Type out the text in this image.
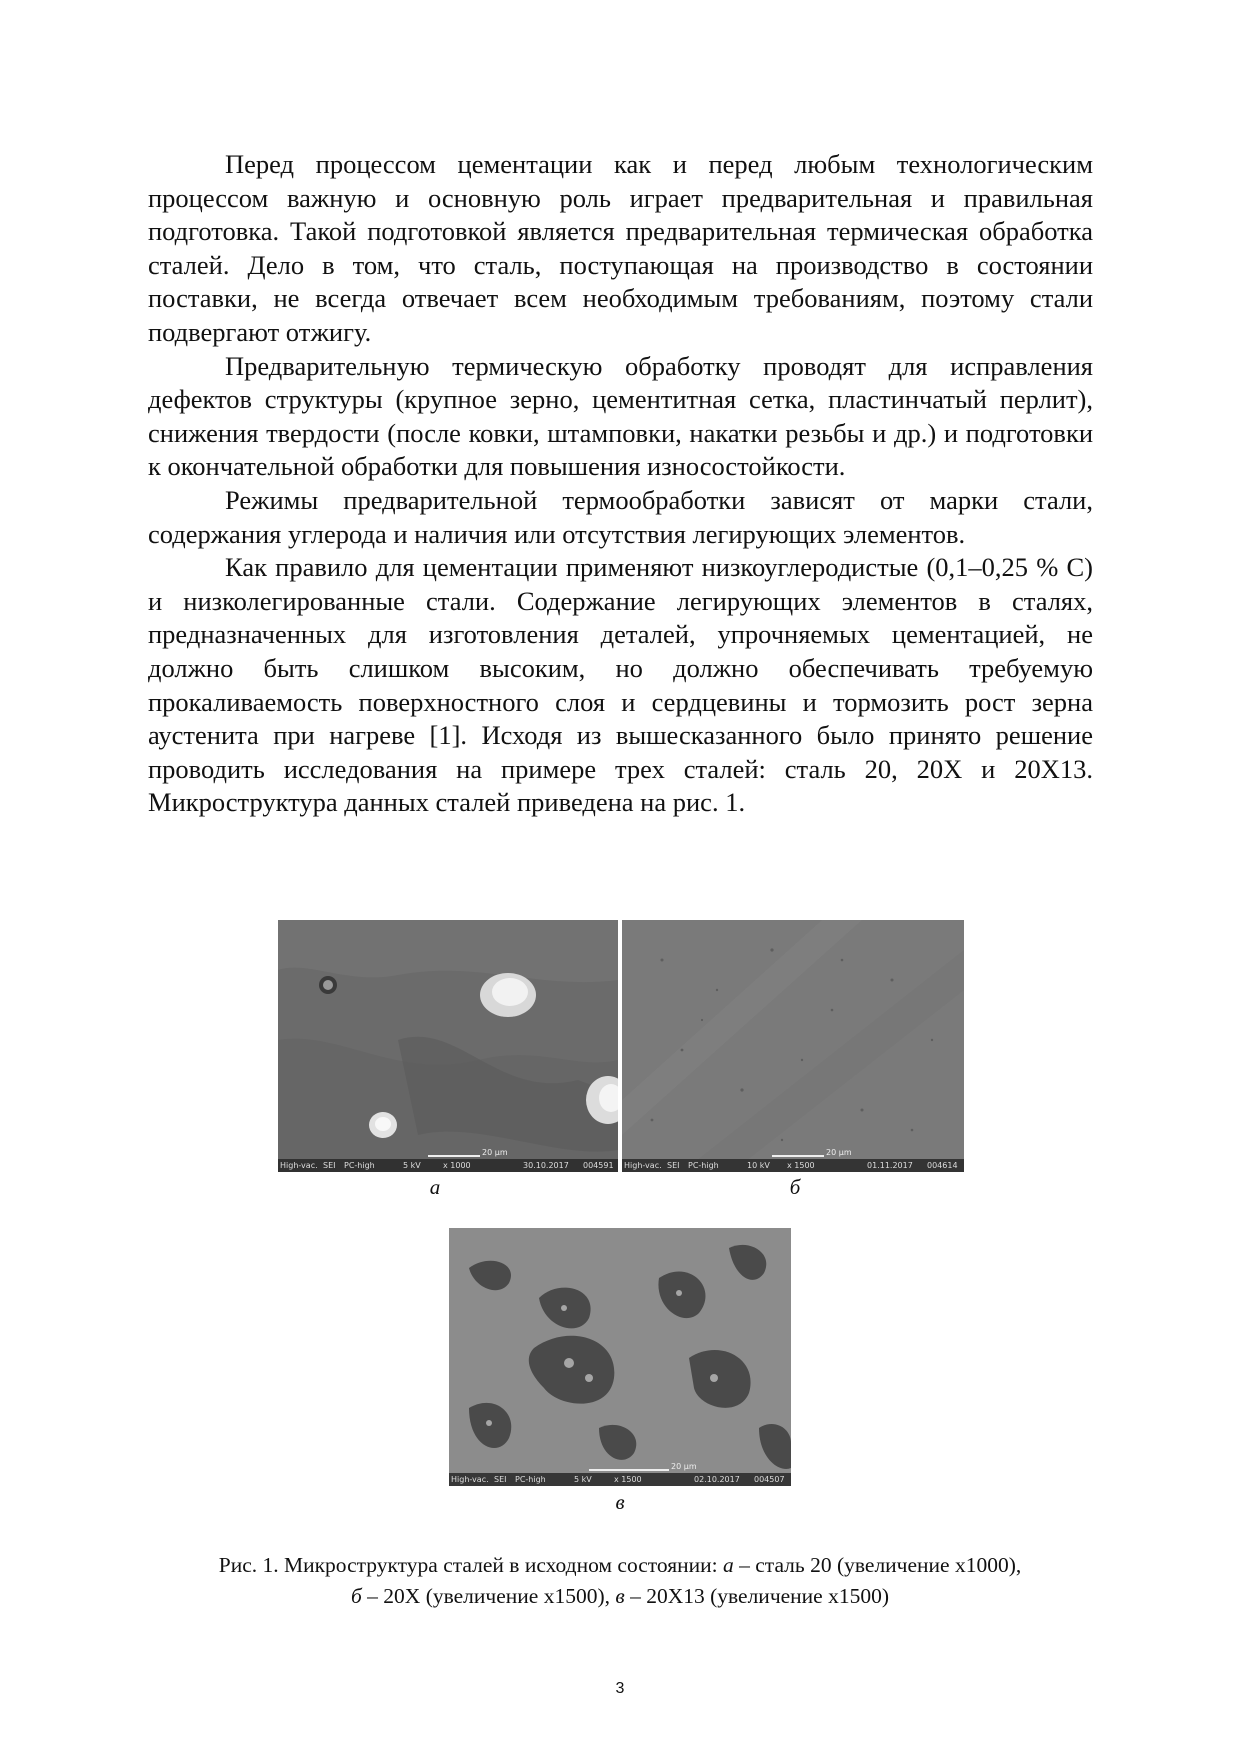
Перед процессом цементации как и перед любым технологическим процессом важную и основную роль играет предварительная и правильная подготовка. Такой подготовкой является предварительная термическая обработка сталей. Дело в том, что сталь, поступающая на производство в состоянии поставки, не всегда отвечает всем необходимым требованиям, поэтому стали подвергают отжигу.

Предварительную термическую обработку проводят для исправления дефектов структуры (крупное зерно, цементитная сетка, пластинчатый перлит), снижения твердости (после ковки, штамповки, накатки резьбы и др.) и подготовки к окончательной обработки для повышения износостойкости.

Режимы предварительной термообработки зависят от марки стали, содержания углерода и наличия или отсутствия легирующих элементов.

Как правило для цементации применяют низкоуглеродистые (0,1–0,25 % С) и низколегированные стали. Содержание легирующих элементов в сталях, предназначенных для изготовления деталей, упрочняемых цементацией, не должно быть слишком высоким, но должно обеспечивать требуемую прокаливаемость поверхностного слоя и сердцевины и тормозить рост зерна аустенита при нагреве [1]. Исходя из вышесказанного было принято решение проводить исследования на примере трех сталей: сталь 20, 20Х и 20Х13. Микроструктура данных сталей приведена на рис. 1.

20 μm
High-vac. SEI PC-high	5 kV	x 1000	30.10.2017 004591
а
20 μm
High-vac. SEI PC-high	10 kV x 1500	01.11.2017 004614
б
20 μm
High-vac. SEI PC-high	5 kV	x 1500	02.10.2017 004507
в
Рис. 1. Микроструктура сталей в исходном состоянии: а – сталь 20 (увеличение х1000),
б – 20Х (увеличение х1500), в – 20Х13 (увеличение х1500)
3
